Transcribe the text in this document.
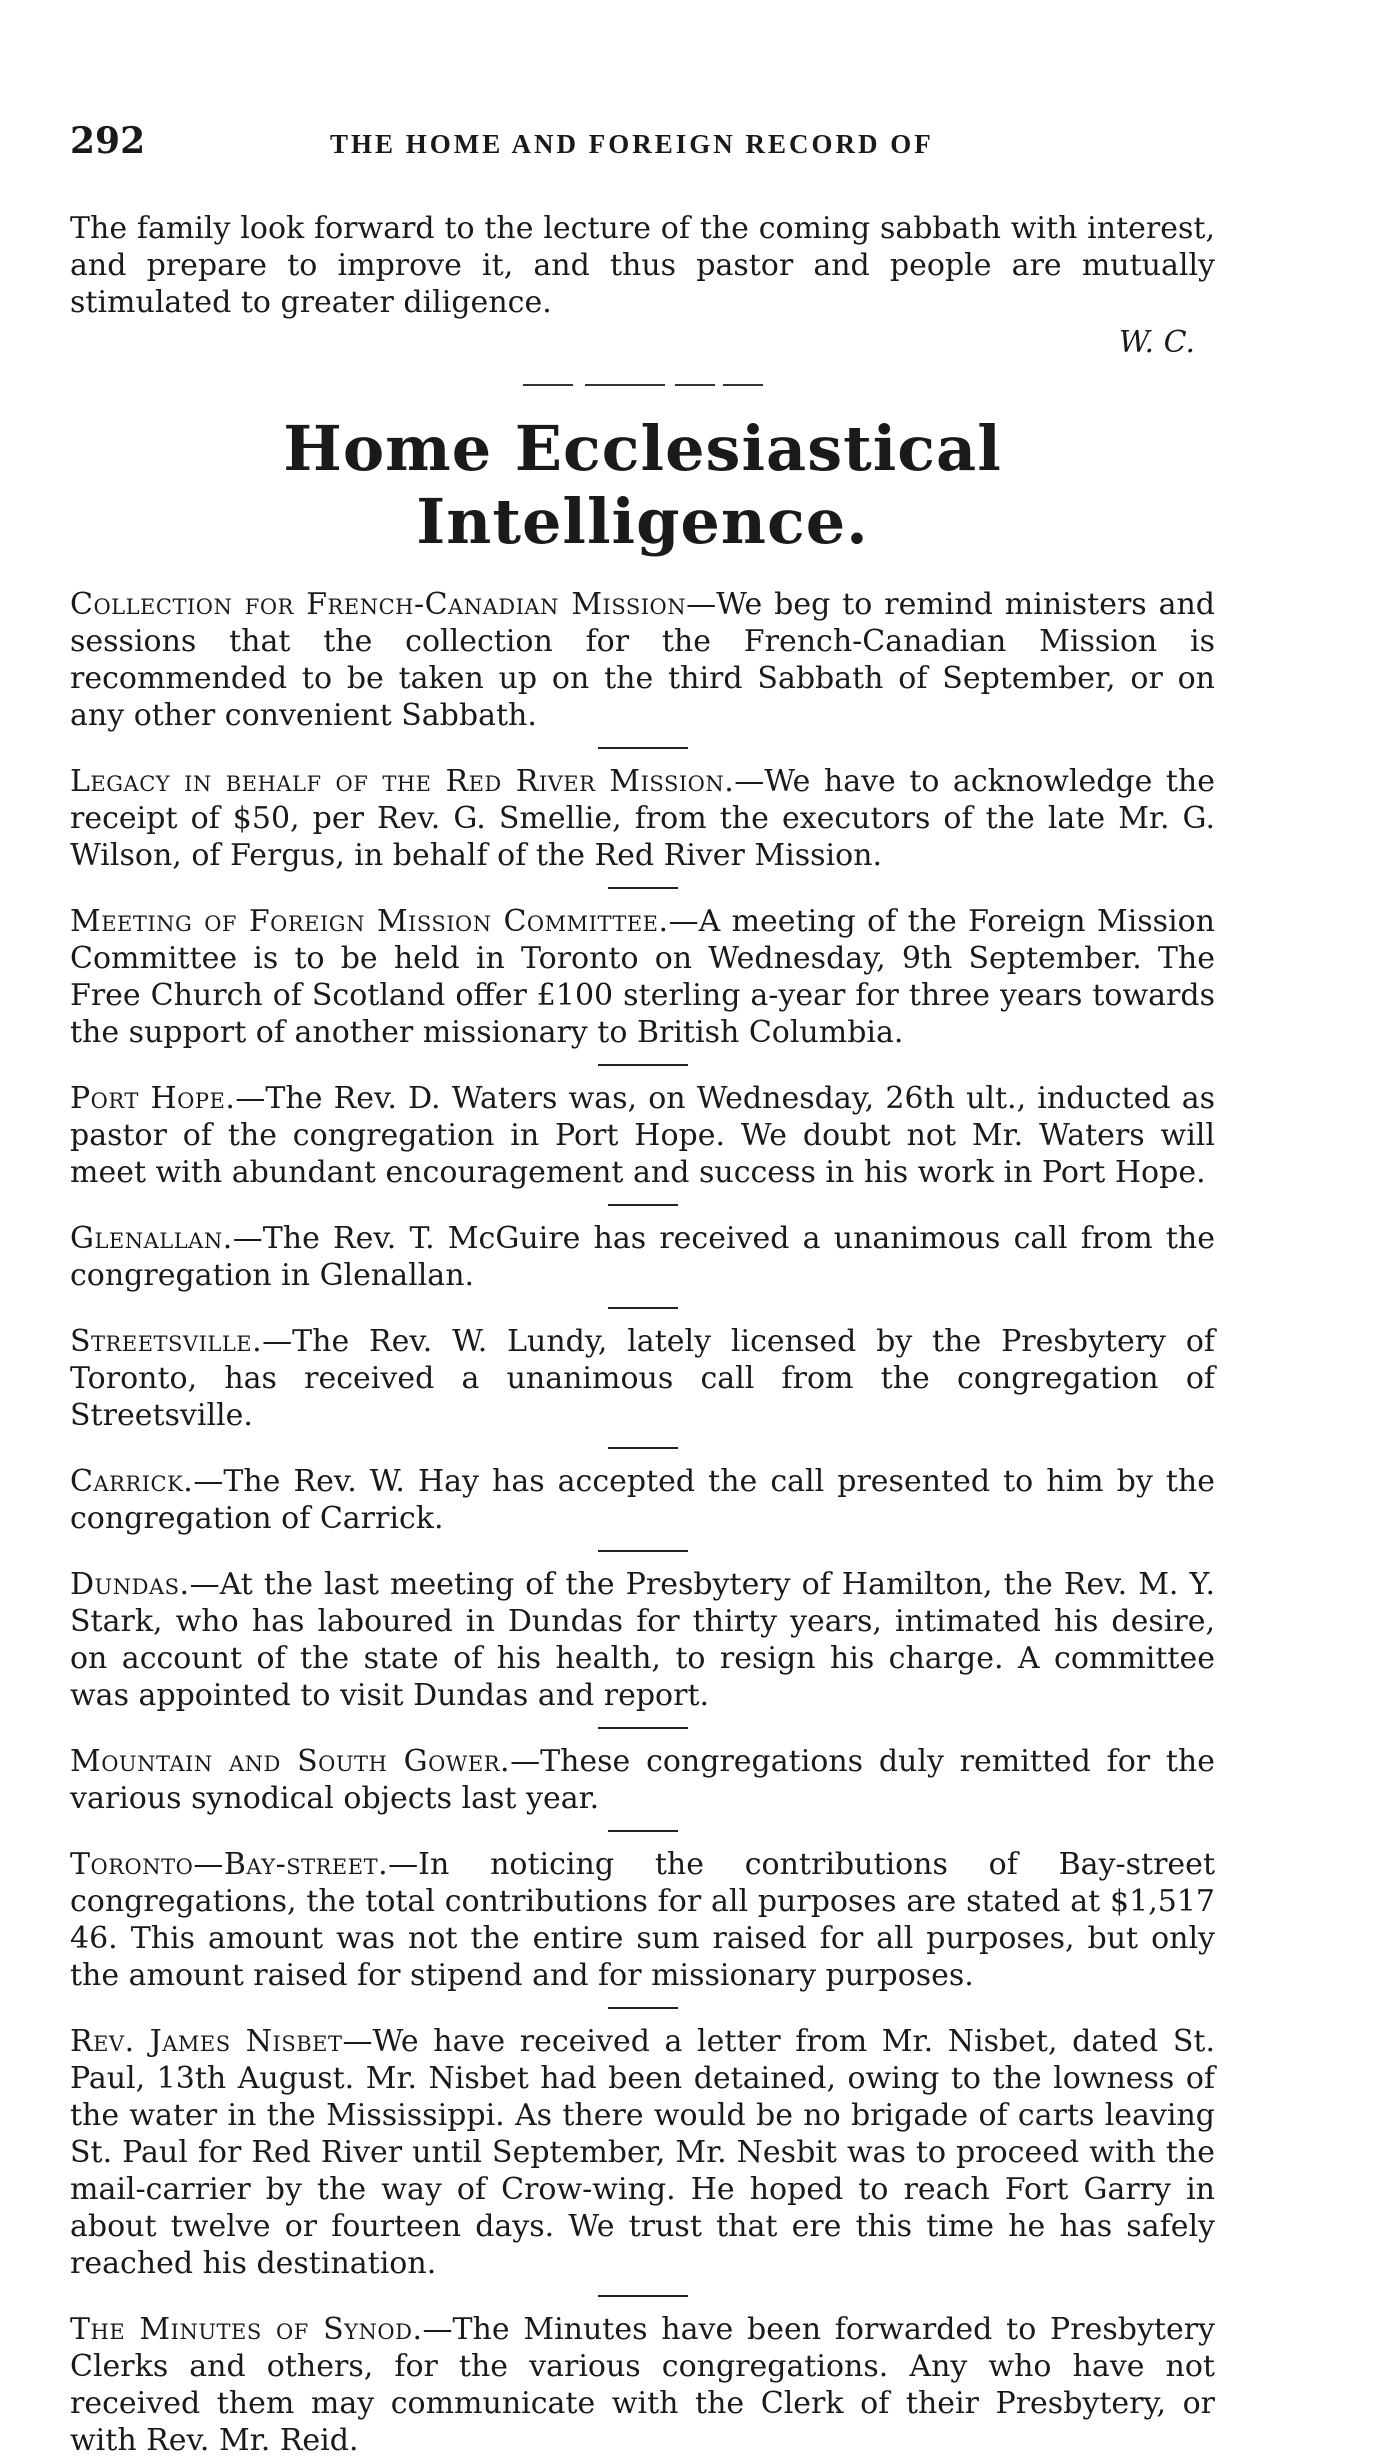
292	THE HOME AND FOREIGN RECORD OF

The family look forward to the lecture of the coming sabbath with interest, and prepare to improve it, and thus pastor and people are mutually stimulated to greater diligence.

W. C.
Home Ecclesiastical Intelligence.

Collection for French-Canadian Mission—We beg to remind ministers and sessions that the collection for the French-Canadian Mission is recommended to be taken up on the third Sabbath of September, or on any other convenient Sabbath.

Legacy in behalf of the Red River Mission.—We have to acknowledge the receipt of $50, per Rev. G. Smellie, from the executors of the late Mr. G. Wilson, of Fergus, in behalf of the Red River Mission.

Meeting of Foreign Mission Committee.—A meeting of the Foreign Mission Committee is to be held in Toronto on Wednesday, 9th September. The Free Church of Scotland offer £100 sterling a-year for three years towards the support of another missionary to British Columbia.

Port Hope.—The Rev. D. Waters was, on Wednesday, 26th ult., inducted as pastor of the congregation in Port Hope. We doubt not Mr. Waters will meet with abundant encouragement and success in his work in Port Hope.

Glenallan.—The Rev. T. McGuire has received a unanimous call from the congregation in Glenallan.

Streetsville.—The Rev. W. Lundy, lately licensed by the Presbytery of Toronto, has received a unanimous call from the congregation of Streetsville.

Carrick.—The Rev. W. Hay has accepted the call presented to him by the congregation of Carrick.

Dundas.—At the last meeting of the Presbytery of Hamilton, the Rev. M. Y. Stark, who has laboured in Dundas for thirty years, intimated his desire, on account of the state of his health, to resign his charge. A committee was appointed to visit Dundas and report.

Mountain and South Gower.—These congregations duly remitted for the various synodical objects last year.

Toronto—Bay-street.—In noticing the contributions of Bay-street congregations, the total contributions for all purposes are stated at $1,517 46. This amount was not the entire sum raised for all purposes, but only the amount raised for stipend and for missionary purposes.

Rev. James Nisbet—We have received a letter from Mr. Nisbet, dated St. Paul, 13th August. Mr. Nisbet had been detained, owing to the lowness of the water in the Mississippi. As there would be no brigade of carts leaving St. Paul for Red River until September, Mr. Nesbit was to proceed with the mail-carrier by the way of Crow-wing. He hoped to reach Fort Garry in about twelve or fourteen days. We trust that ere this time he has safely reached his destination.

The Minutes of Synod.—The Minutes have been forwarded to Presbytery Clerks and others, for the various congregations. Any who have not received them may communicate with the Clerk of their Presbytery, or with Rev. Mr. Reid.
